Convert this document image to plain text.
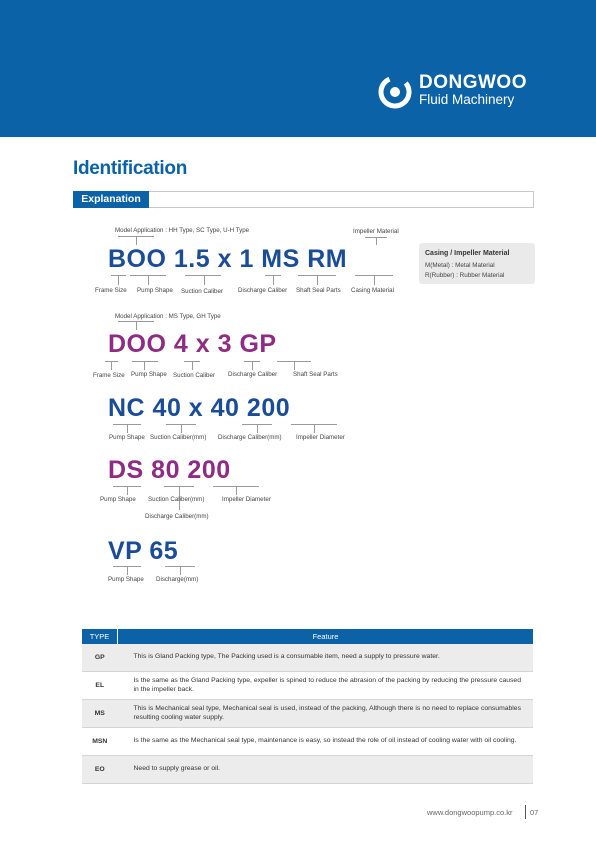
DONGWOO
Fluid Machinery
Identification
Explanation
Model Application : HH Type, SC Type, U-H Type	Impeller Material
BOO 1.5 x 1 MS RM
Frame Size Pump Shape Suction Caliber Discharge Caliber Shaft Seal Parts Casing Material
Casing / Impeller Material
M(Metal) : Metal Material
R(Rubber) : Rubber Material
Model Application : MS Type, GH Type
DOO 4 x 3 GP
Frame Size Pump Shape Suction Caliber Discharge Caliber	Shaft Seal Parts
NC 40 x 40 200
Pump Shape Suction Caliber(mm) Discharge Caliber(mm) Impeller Diameter
DS 80 200
Pump Shape Suction Caliber(mm)	Impeller Diameter
Discharge Caliber(mm)
VP 65
Pump Shape Discharge(mm)
TYPE	Feature
GP	This is Gland Packing type, The Packing used is a consumable item, need a supply to pressure water.
EL	Is the same as the Gland Packing type, expeller is spined to reduce the abrasion of the packing by reducing the pressure caused in the impeller back.
MS	This is Mechanical seal type, Mechanical seal is used, instead of the packing, Although there is no need to replace consumables resulting cooling water supply.
MSN	Is the same as the Mechanical seal type, maintenance is easy, so instead the role of oil instead of cooling water with oil cooling.
EO	Need to supply grease or oil.
www.dongwoopump.co.kr 07
